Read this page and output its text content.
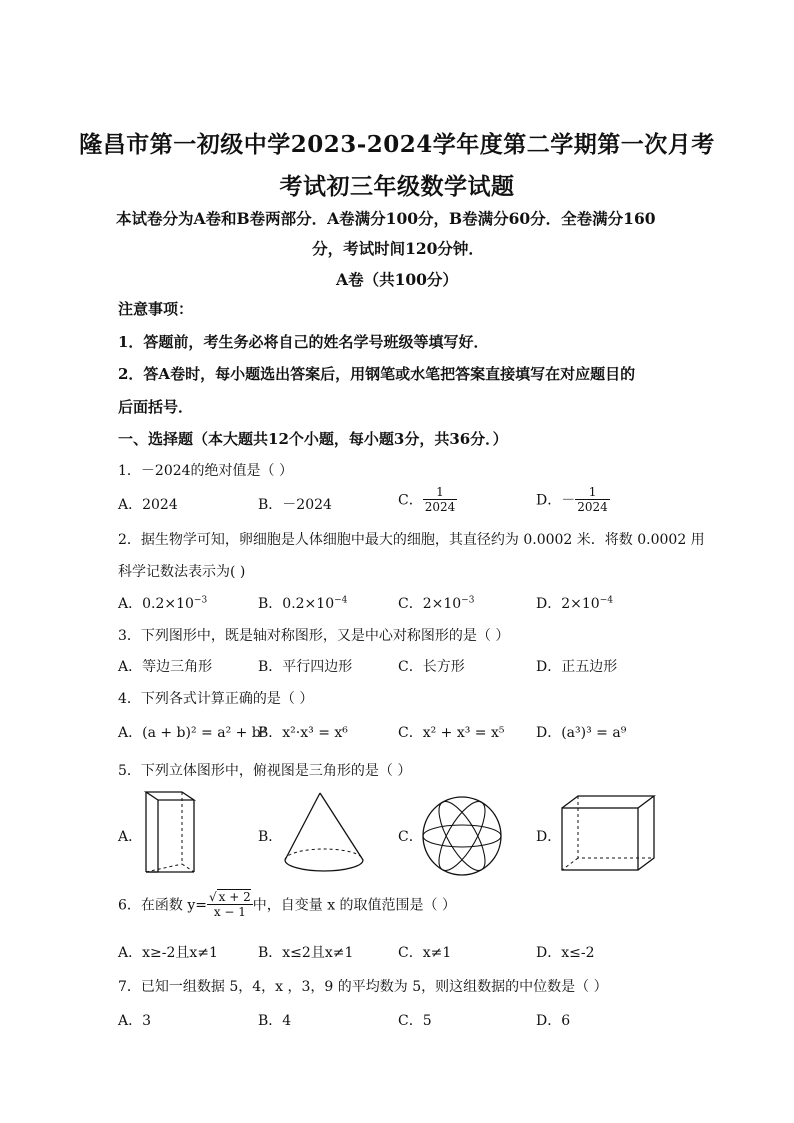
隆昌市第一初级中学2023-2024学年度第二学期第一次月考
考试初三年级数学试题
本试卷分为A卷和B卷两部分．A卷满分100分，B卷满分60分．全卷满分160
分，考试时间120分钟．
A卷（共100分）
注意事项：
1．答题前，考生务必将自己的姓名学号班级等填写好．
2．答A卷时，每小题选出答案后，用钢笔或水笔把答案直接填写在对应题目的
后面括号．
一、选择题（本大题共12个小题，每小题3分，共36分．）
1．－2024的绝对值是（ ）
A．2024	B．－2024	C． $\frac{1}{2024}$	D．－ $\frac{1}{2024}$
2．据生物学可知，卵细胞是人体细胞中最大的细胞，其直径约为 0.0002 米．将数 0.0002 用
科学记数法表示为( )
A．$0.2\times 10^{-3}$	B．$0.2\times 10^{-4}$	C．$2\times 10^{-3}$	D．$2\times 10^{-4}$
3．下列图形中，既是轴对称图形，又是中心对称图形的是（ ）
A．等边三角形	B．平行四边形	C．长方形	D．正五边形
4．下列各式计算正确的是（ ）
A．(a + b)² = a² + b²
B．x²·x³ = x⁶	C．x² + x³ = x⁵ D．(a³)³ = a⁹
5．下列立体图形中，俯视图是三角形的是（ ）
A．	B．	C．	D．
6．在函数 $y= \frac{√ x + 2}{x - 1}$ 中，自变量 x 的取值范围是（ ）
A．x≥-2且x≠1	B．x≤2且x≠1	C．x≠1	D．x≤-2
7．已知一组数据 5，4，x ，3，9 的平均数为 5，则这组数据的中位数是（ ）
A．3	B．4	C．5	D．6
